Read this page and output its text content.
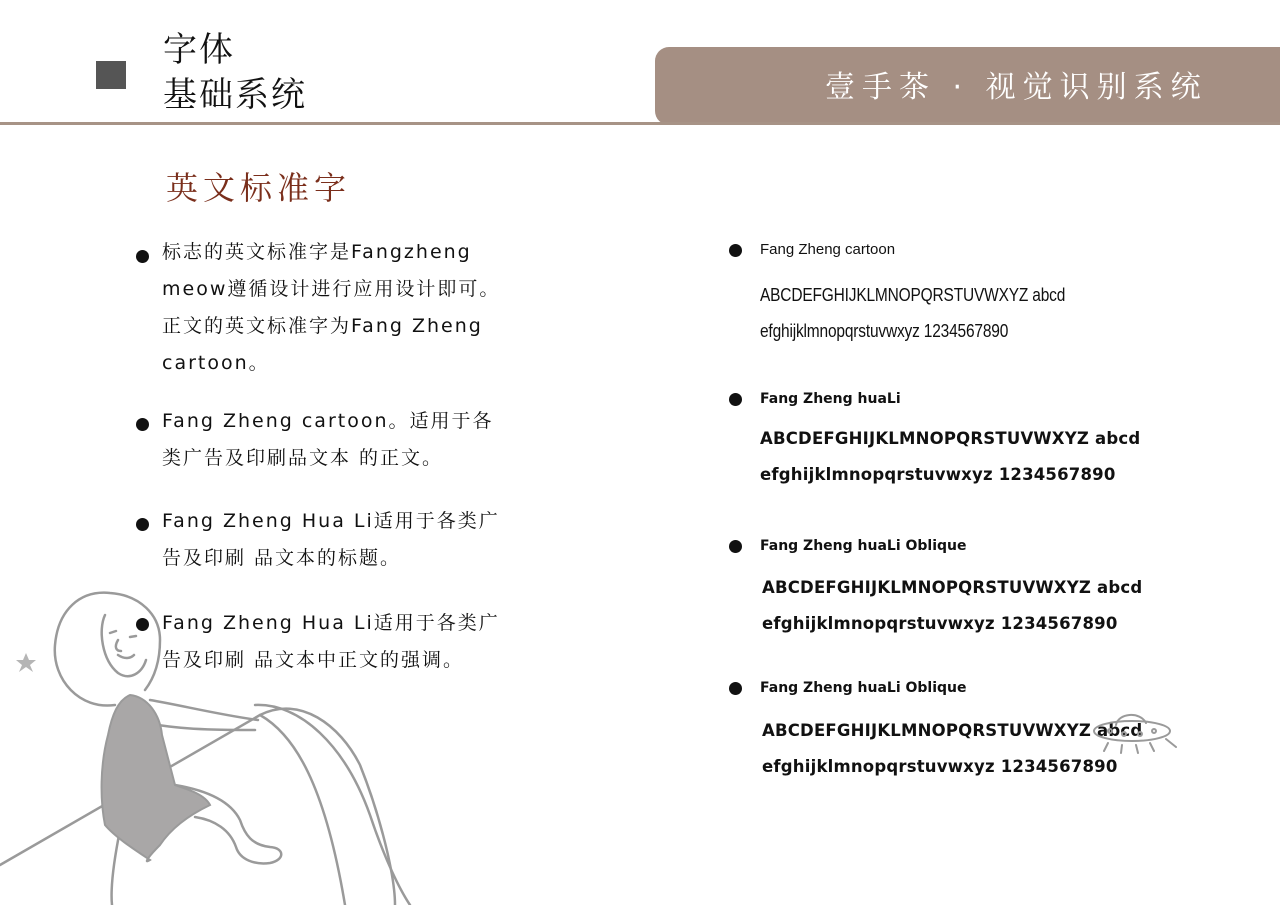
字体
基础系统	壹手茶 · 视觉识别系统
英文标准字
标志的英文标准字是Fangzheng meow遵循设计进行应用设计即可。正文的英文标准字为Fang Zheng cartoon。
Fang Zheng cartoon。适用于各类广告及印刷品文本 的正文。
Fang Zheng Hua Li适用于各类广告及印刷 品文本的标题。
Fang Zheng Hua Li适用于各类广告及印刷 品文本中正文的强调。
Fang Zheng cartoon
ABCDEFGHIJKLMNOPQRSTUVWXYZ abcd
efghijklmnopqrstuvwxyz 1234567890
Fang Zheng huaLi
ABCDEFGHIJKLMNOPQRSTUVWXYZ abcd
efghijklmnopqrstuvwxyz 1234567890
Fang Zheng huaLi Oblique
ABCDEFGHIJKLMNOPQRSTUVWXYZ abcd
efghijklmnopqrstuvwxyz 1234567890
Fang Zheng huaLi Oblique
ABCDEFGHIJKLMNOPQRSTUVWXYZ abcd
efghijklmnopqrstuvwxyz 1234567890
